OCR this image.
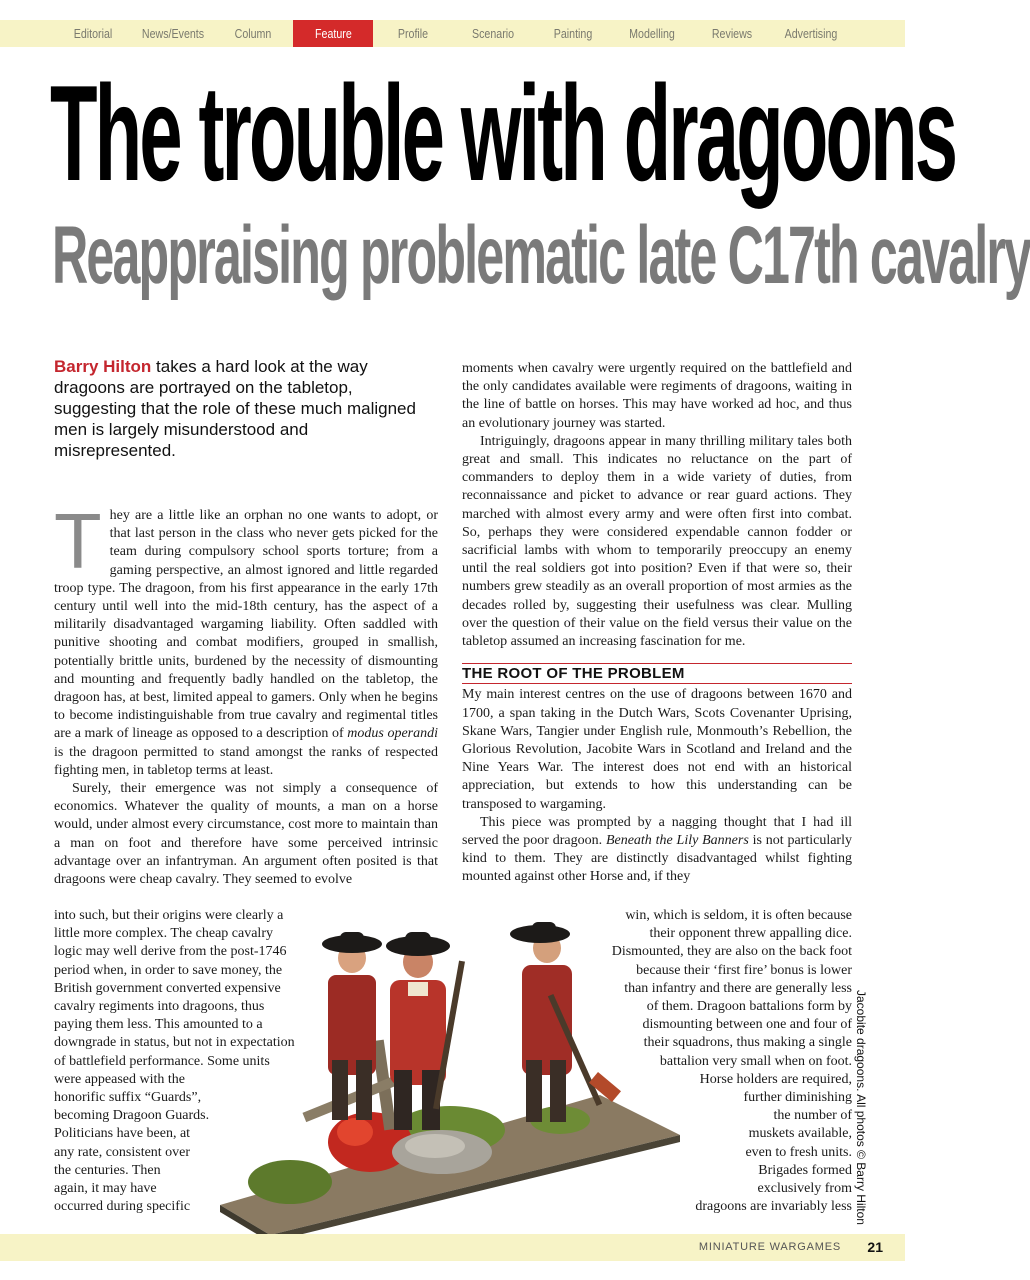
Editorial	News/Events	Column	Feature	Profile	Scenario	Painting	Modelling	Reviews	Advertising
The trouble with dragoons
Reappraising problematic late C17th cavalry
Barry Hilton takes a hard look at the way dragoons are portrayed on the tabletop, suggesting that the role of these much maligned men is largely misunderstood and misrepresented.

They are a little like an orphan no one wants to adopt, or that last person in the class who never gets picked for the team during compulsory school sports torture; from a gaming perspective, an almost ignored and little regarded troop type. The dragoon, from his first appearance in the early 17th century until well into the mid-18th century, has the aspect of a militarily disadvantaged wargaming liability. Often saddled with punitive shooting and combat modifiers, grouped in smallish, potentially brittle units, burdened by the necessity of dismounting and mounting and frequently badly handled on the tabletop, the dragoon has, at best, limited appeal to gamers. Only when he begins to become indistinguishable from true cavalry and regimental titles are a mark of lineage as opposed to a description of modus operandi is the dragoon permitted to stand amongst the ranks of respected fighting men, in tabletop terms at least.

Surely, their emergence was not simply a consequence of economics. Whatever the quality of mounts, a man on a horse would, under almost every circumstance, cost more to maintain than a man on foot and therefore have some perceived intrinsic advantage over an infantryman. An argument often posited is that dragoons were cheap cavalry. They seemed to evolve

into such, but their origins were clearly a
little more complex. The cheap cavalry
logic may well derive from the post-1746
period when, in order to save money, the
British government converted expensive
cavalry regiments into dragoons, thus
paying them less. This amounted to a
downgrade in status, but not in expectation
of battlefield performance. Some units
were appeased with the
honorific suffix “Guards”,
becoming Dragoon Guards.
Politicians have been, at
any rate, consistent over
the centuries. Then
again, it may have
occurred during specific

moments when cavalry were urgently required on the battlefield and the only candidates available were regiments of dragoons, waiting in the line of battle on horses. This may have worked ad hoc, and thus an evolutionary journey was started.

Intriguingly, dragoons appear in many thrilling military tales both great and small. This indicates no reluctance on the part of commanders to deploy them in a wide variety of duties, from reconnaissance and picket to advance or rear guard actions. They marched with almost every army and were often first into combat. So, perhaps they were considered expendable cannon fodder or sacrificial lambs with whom to temporarily preoccupy an enemy until the real soldiers got into position? Even if that were so, their numbers grew steadily as an overall proportion of most armies as the decades rolled by, suggesting their usefulness was clear. Mulling over the question of their value on the field versus their value on the tabletop assumed an increasing fascination for me.

THE ROOT OF THE PROBLEM

My main interest centres on the use of dragoons between 1670 and 1700, a span taking in the Dutch Wars, Scots Covenanter Uprising, Skane Wars, Tangier under English rule, Monmouth’s Rebellion, the Glorious Revolution, Jacobite Wars in Scotland and Ireland and the Nine Years War. The interest does not end with an historical appreciation, but extends to how this understanding can be transposed to wargaming.

This piece was prompted by a nagging thought that I had ill served the poor dragoon. Beneath the Lily Banners is not particularly kind to them. They are distinctly disadvantaged whilst fighting mounted against other Horse and, if they

win, which is seldom, it is often because
their opponent threw appalling dice.
Dismounted, they are also on the back foot
because their ‘first fire’ bonus is lower
than infantry and there are generally less
of them. Dragoon battalions form by
dismounting between one and four of
their squadrons, thus making a single
battalion very small when on foot.
Horse holders are required,
further diminishing
the number of
muskets available,
even to fresh units.
Brigades formed
exclusively from
dragoons are invariably less Jacobite dragoons. All photos © Barry Hilton
MINIATURE WARGAMES 21
